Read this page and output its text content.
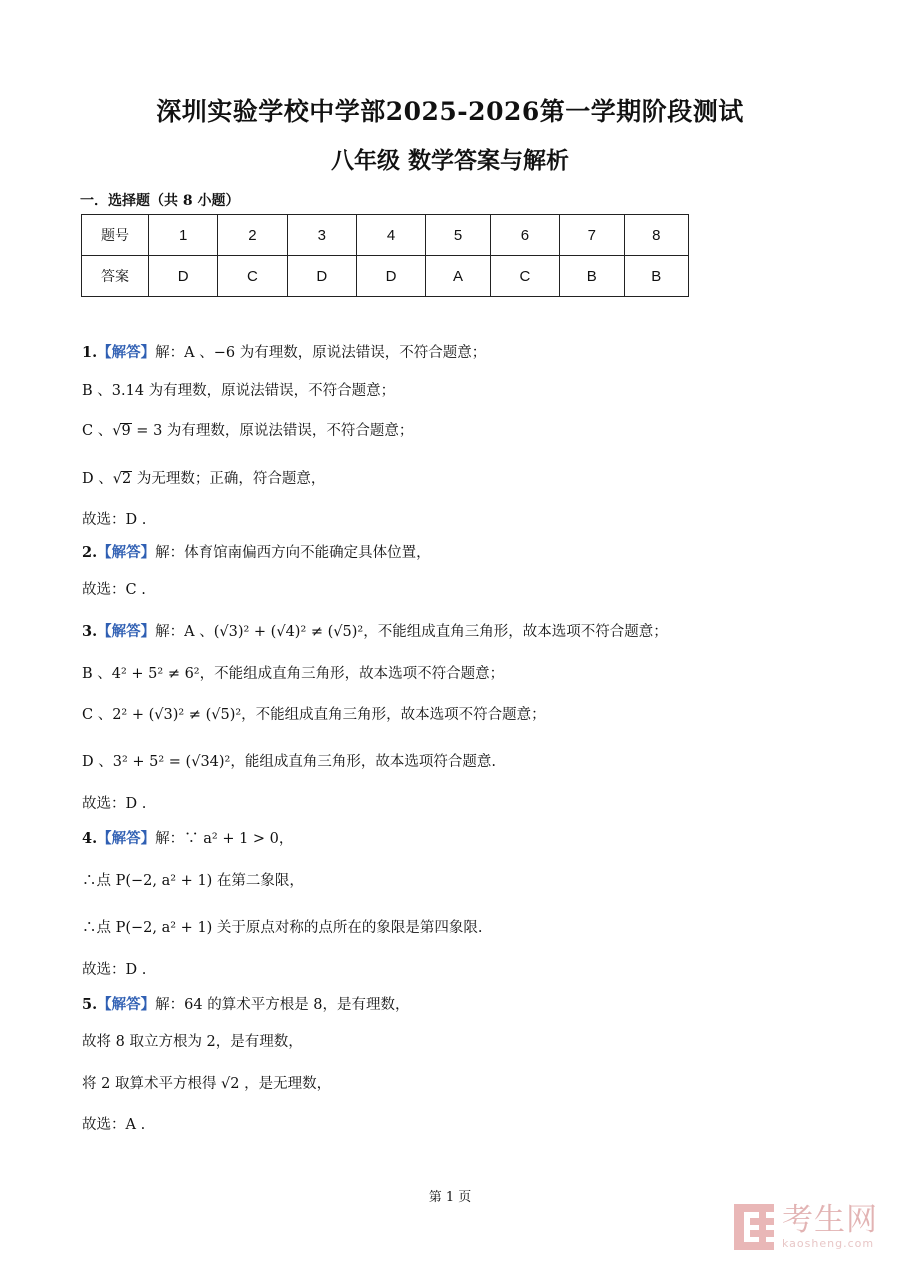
深圳实验学校中学部2025-2026第一学期阶段测试
八年级 数学答案与解析
一．选择题（共 8 小题）
题号	1	2	3	4	5	6	7	8
答案	D	C	D	D	A	C	B	B
1.【解答】解：A 、−6 为有理数，原说法错误，不符合题意；
B 、3.14 为有理数，原说法错误，不符合题意；
C 、√9 = 3 为有理数，原说法错误，不符合题意；
D 、√2 为无理数；正确，符合题意，
故选：D .
2.【解答】解：体育馆南偏西方向不能确定具体位置，
故选：C .
3.【解答】解：A 、(√3)² + (√4)² ≠ (√5)²，不能组成直角三角形，故本选项不符合题意；
B 、4² + 5² ≠ 6²，不能组成直角三角形，故本选项不符合题意；
C 、2² + (√3)² ≠ (√5)²，不能组成直角三角形，故本选项不符合题意；
D 、3² + 5² = (√34)²，能组成直角三角形，故本选项符合题意.
故选：D .
4.【解答】解：∵ a² + 1 > 0，
∴点 P(−2, a² + 1) 在第二象限，
∴点 P(−2, a² + 1) 关于原点对称的点所在的象限是第四象限.
故选：D .
5.【解答】解：64 的算术平方根是 8，是有理数，
故将 8 取立方根为 2，是有理数，
将 2 取算术平方根得 √2 ，是无理数，
故选：A .
第 1 页
考生网
kaosheng.com
